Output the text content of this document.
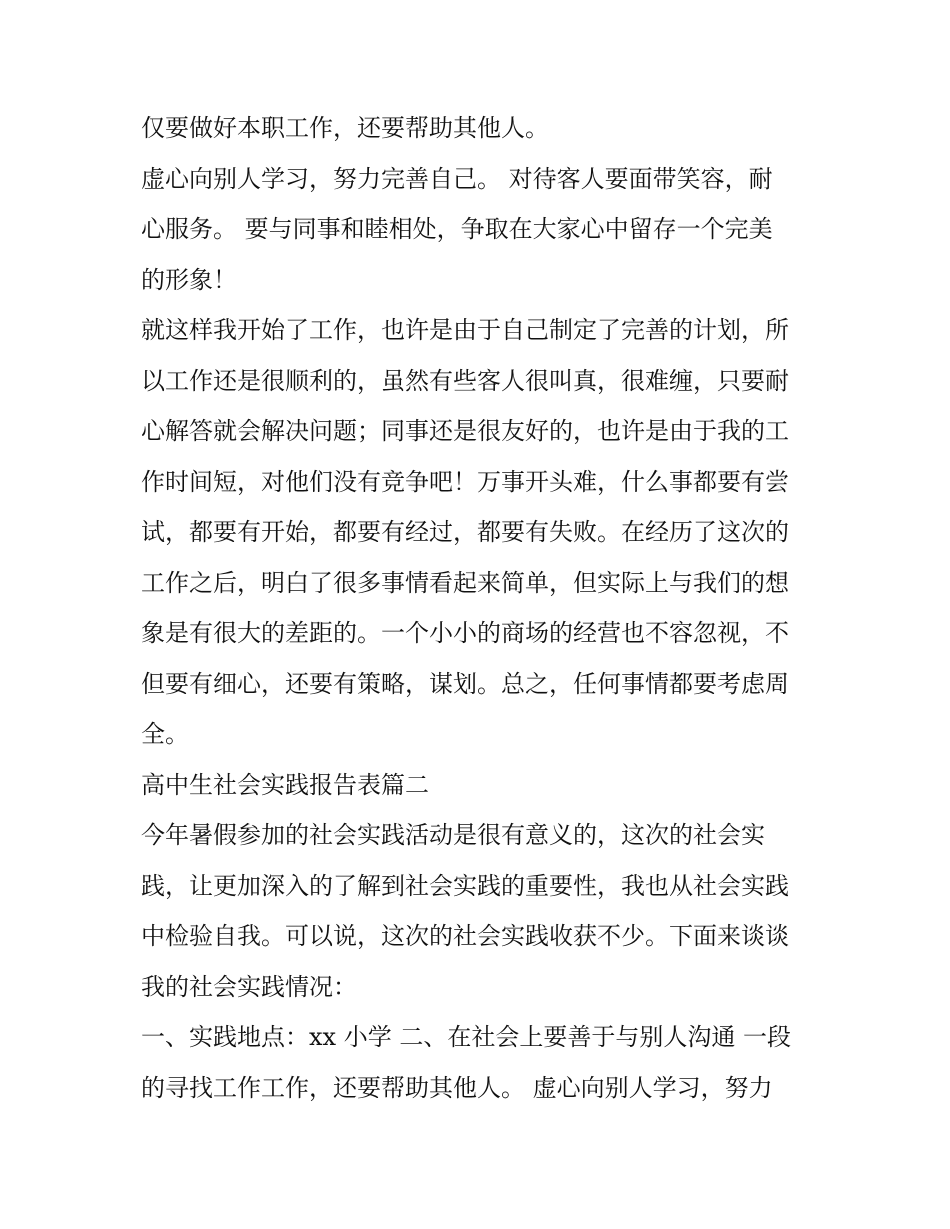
仅要做好本职工作，还要帮助其他人。
虚心向别人学习，努力完善自己。 对待客人要面带笑容，耐
心服务。 要与同事和睦相处，争取在大家心中留存一个完美
的形象！
就这样我开始了工作，也许是由于自己制定了完善的计划，所
以工作还是很顺利的，虽然有些客人很叫真，很难缠，只要耐
心解答就会解决问题；同事还是很友好的，也许是由于我的工
作时间短，对他们没有竞争吧！万事开头难，什么事都要有尝
试，都要有开始，都要有经过，都要有失败。在经历了这次的
工作之后，明白了很多事情看起来简单，但实际上与我们的想
象是有很大的差距的。一个小小的商场的经营也不容忽视，不
但要有细心，还要有策略，谋划。总之，任何事情都要考虑周
全。
高中生社会实践报告表篇二
今年暑假参加的社会实践活动是很有意义的，这次的社会实
践，让更加深入的了解到社会实践的重要性，我也从社会实践
中检验自我。可以说，这次的社会实践收获不少。下面来谈谈
我的社会实践情况：
一、实践地点：xx 小学 二、在社会上要善于与别人沟通 一段
的寻找工作工作，还要帮助其他人。 虚心向别人学习，努力
